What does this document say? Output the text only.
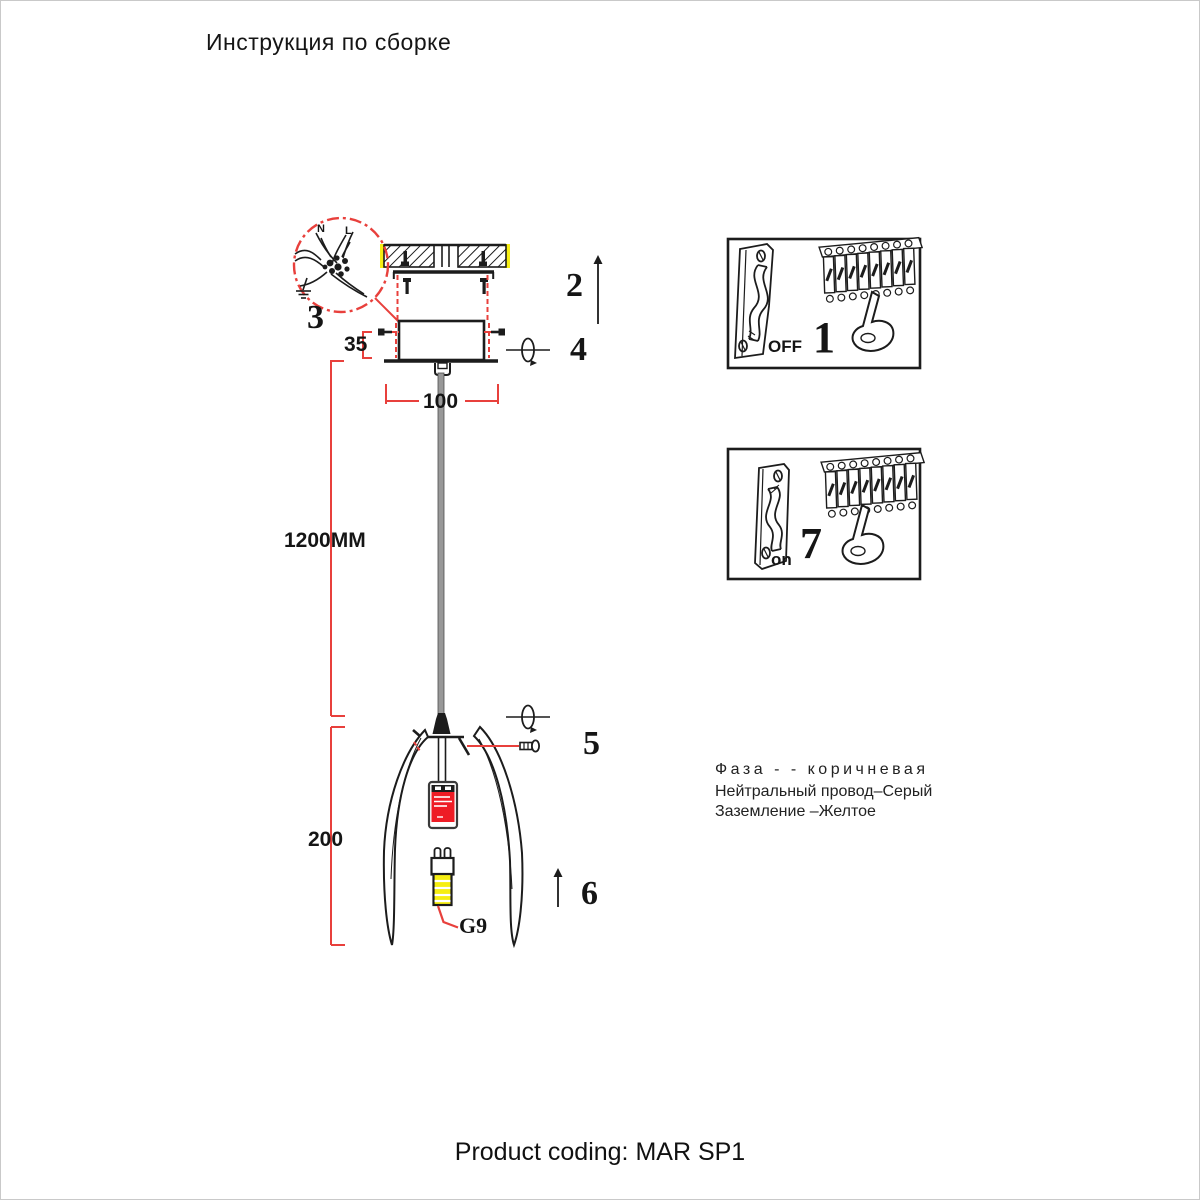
Инструкция по сборке
N L
3
2
4
5
6
1
7
35
100
1200MM
200
G9
OFF
on
Фаза - - коричневая
Нейтральный провод–Серый
Заземление –Желтое
Product coding: MAR SP1
